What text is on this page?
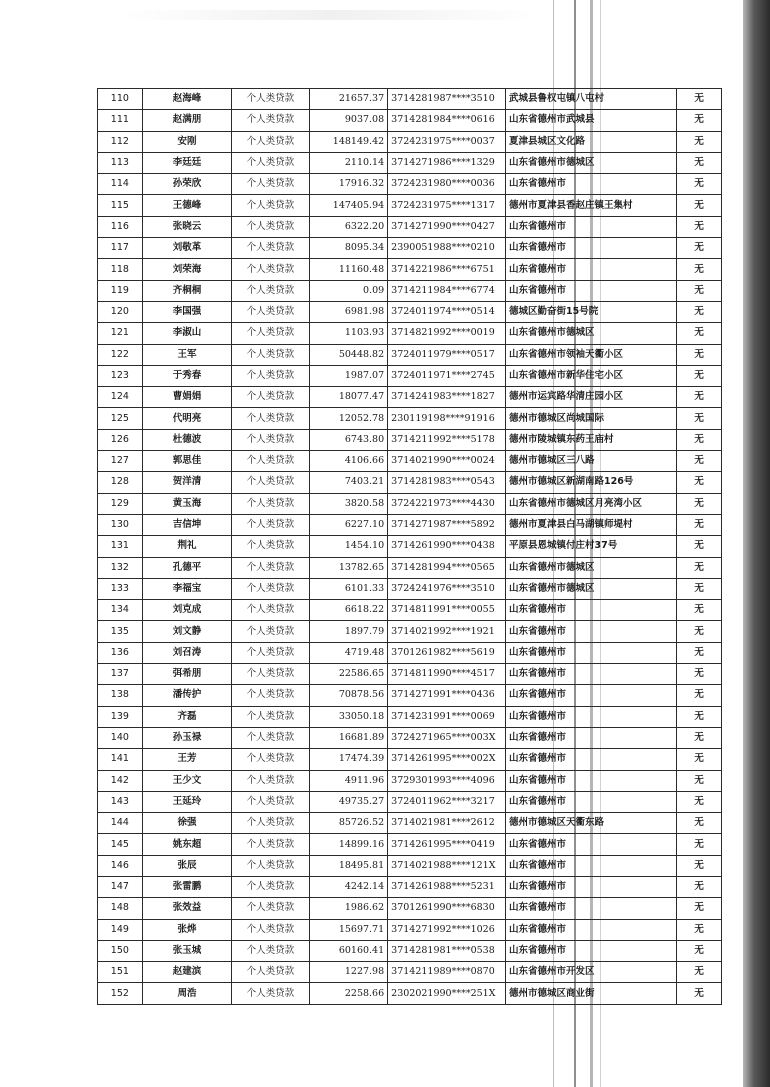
110	赵海峰	个人类贷款	21657.37	3714281987****3510	武城县鲁权屯镇八屯村	无
111	赵满朋	个人类贷款	9037.08	3714281984****0616	山东省德州市武城县	无
112	安刚	个人类贷款	148149.42	3724231975****0037	夏津县城区文化路	无
113	李廷廷	个人类贷款	2110.14	3714271986****1329	山东省德州市德城区	无
114	孙荣欣	个人类贷款	17916.32	3724231980****0036	山东省德州市	无
115	王德峰	个人类贷款	147405.94	3724231975****1317	德州市夏津县香赵庄镇王集村	无
116	张晓云	个人类贷款	6322.20	3714271990****0427	山东省德州市	无
117	刘敬革	个人类贷款	8095.34	2390051988****0210	山东省德州市	无
118	刘荣海	个人类贷款	11160.48	3714221986****6751	山东省德州市	无
119	齐桐桐	个人类贷款	0.09	3714211984****6774	山东省德州市	无
120	李国强	个人类贷款	6981.98	3724011974****0514	德城区勤奋街15号院	无
121	李淑山	个人类贷款	1103.93	3714821992****0019	山东省德州市德城区	无
122	王军	个人类贷款	50448.82	3724011979****0517	山东省德州市领袖天衢小区	无
123	于秀春	个人类贷款	1987.07	3724011971****2745	山东省德州市新华住宅小区	无
124	曹娟娟	个人类贷款	18077.47	3714241983****1827	德州市运宾路华清庄园小区	无
125	代明亮	个人类贷款	12052.78	230119198****91916	德州市德城区尚城国际	无
126	杜德波	个人类贷款	6743.80	3714211992****5178	德州市陵城镇东药王庙村	无
127	郭思佳	个人类贷款	4106.66	3714021990****0024	德州市德城区三八路	无
128	贺洋清	个人类贷款	7403.21	3714281983****0543	德州市德城区新湖南路126号	无
129	黄玉海	个人类贷款	3820.58	3724221973****4430	山东省德州市德城区月亮湾小区	无
130	吉信坤	个人类贷款	6227.10	3714271987****5892	德州市夏津县白马湖镇师堤村	无
131	荆礼	个人类贷款	1454.10	3714261990****0438	平原县恩城镇付庄村37号	无
132	孔德平	个人类贷款	13782.65	3714281994****0565	山东省德州市德城区	无
133	李福宝	个人类贷款	6101.33	3724241976****3510	山东省德州市德城区	无
134	刘克成	个人类贷款	6618.22	3714811991****0055	山东省德州市	无
135	刘文静	个人类贷款	1897.79	3714021992****1921	山东省德州市	无
136	刘召涛	个人类贷款	4719.48	3701261982****5619	山东省德州市	无
137	弭希朋	个人类贷款	22586.65	3714811990****4517	山东省德州市	无
138	潘传护	个人类贷款	70878.56	3714271991****0436	山东省德州市	无
139	齐磊	个人类贷款	33050.18	3714231991****0069	山东省德州市	无
140	孙玉禄	个人类贷款	16681.89	3724271965****003X	山东省德州市	无
141	王芳	个人类贷款	17474.39	3714261995****002X	山东省德州市	无
142	王少文	个人类贷款	4911.96	3729301993****4096	山东省德州市	无
143	王延玲	个人类贷款	49735.27	3724011962****3217	山东省德州市	无
144	徐强	个人类贷款	85726.52	3714021981****2612	德州市德城区天衢东路	无
145	姚东超	个人类贷款	14899.16	3714261995****0419	山东省德州市	无
146	张辰	个人类贷款	18495.81	3714021988****121X	山东省德州市	无
147	张雷鹏	个人类贷款	4242.14	3714261988****5231	山东省德州市	无
148	张效益	个人类贷款	1986.62	3701261990****6830	山东省德州市	无
149	张烨	个人类贷款	15697.71	3714271992****1026	山东省德州市	无
150	张玉城	个人类贷款	60160.41	3714281981****0538	山东省德州市	无
151	赵建滨	个人类贷款	1227.98	3714211989****0870	山东省德州市开发区	无
152	周浩	个人类贷款	2258.66	2302021990****251X	德州市德城区商业街	无
